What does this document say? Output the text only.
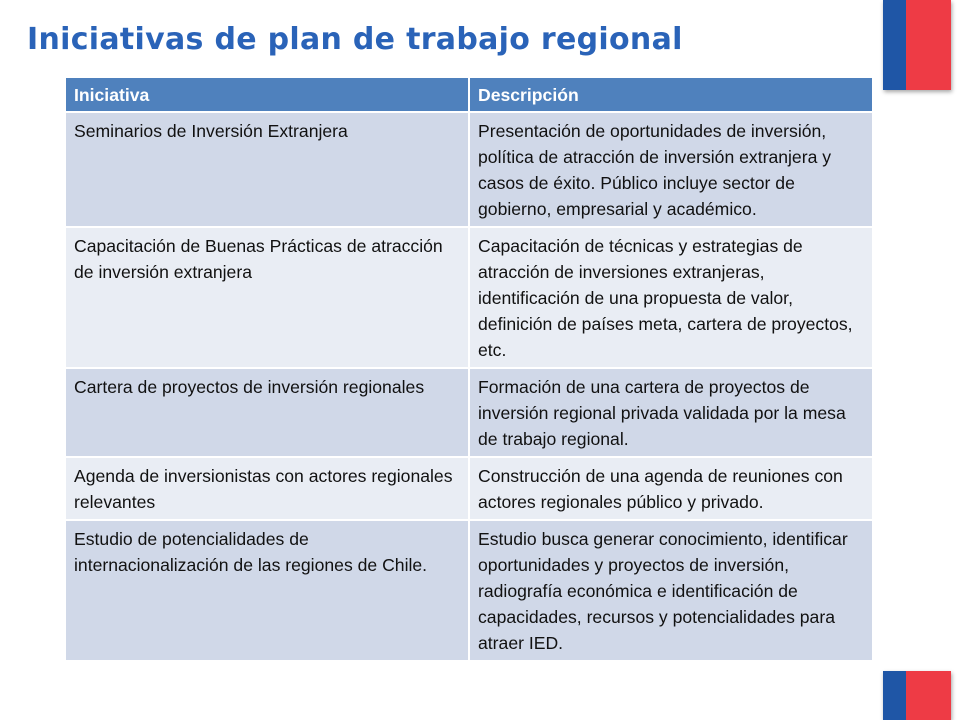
Iniciativas de plan de trabajo regional
Iniciativa	Descripción
Seminarios de Inversión Extranjera	Presentación de oportunidades de inversión, política de atracción de inversión extranjera y casos de éxito. Público incluye sector de gobierno, empresarial y académico.
Capacitación de Buenas Prácticas de atracción de inversión extranjera	Capacitación de técnicas y estrategias de atracción de inversiones extranjeras, identificación de una propuesta de valor, definición de países meta, cartera de proyectos, etc.
Cartera de proyectos de inversión regionales	Formación de una cartera de proyectos de inversión regional privada validada por la mesa de trabajo regional.
Agenda de inversionistas con actores regionales relevantes	Construcción de una agenda de reuniones con actores regionales público y privado.
Estudio de potencialidades de internacionalización de las regiones de Chile.	Estudio busca generar conocimiento, identificar oportunidades y proyectos de inversión, radiografía económica e identificación de capacidades, recursos y potencialidades para atraer IED.
